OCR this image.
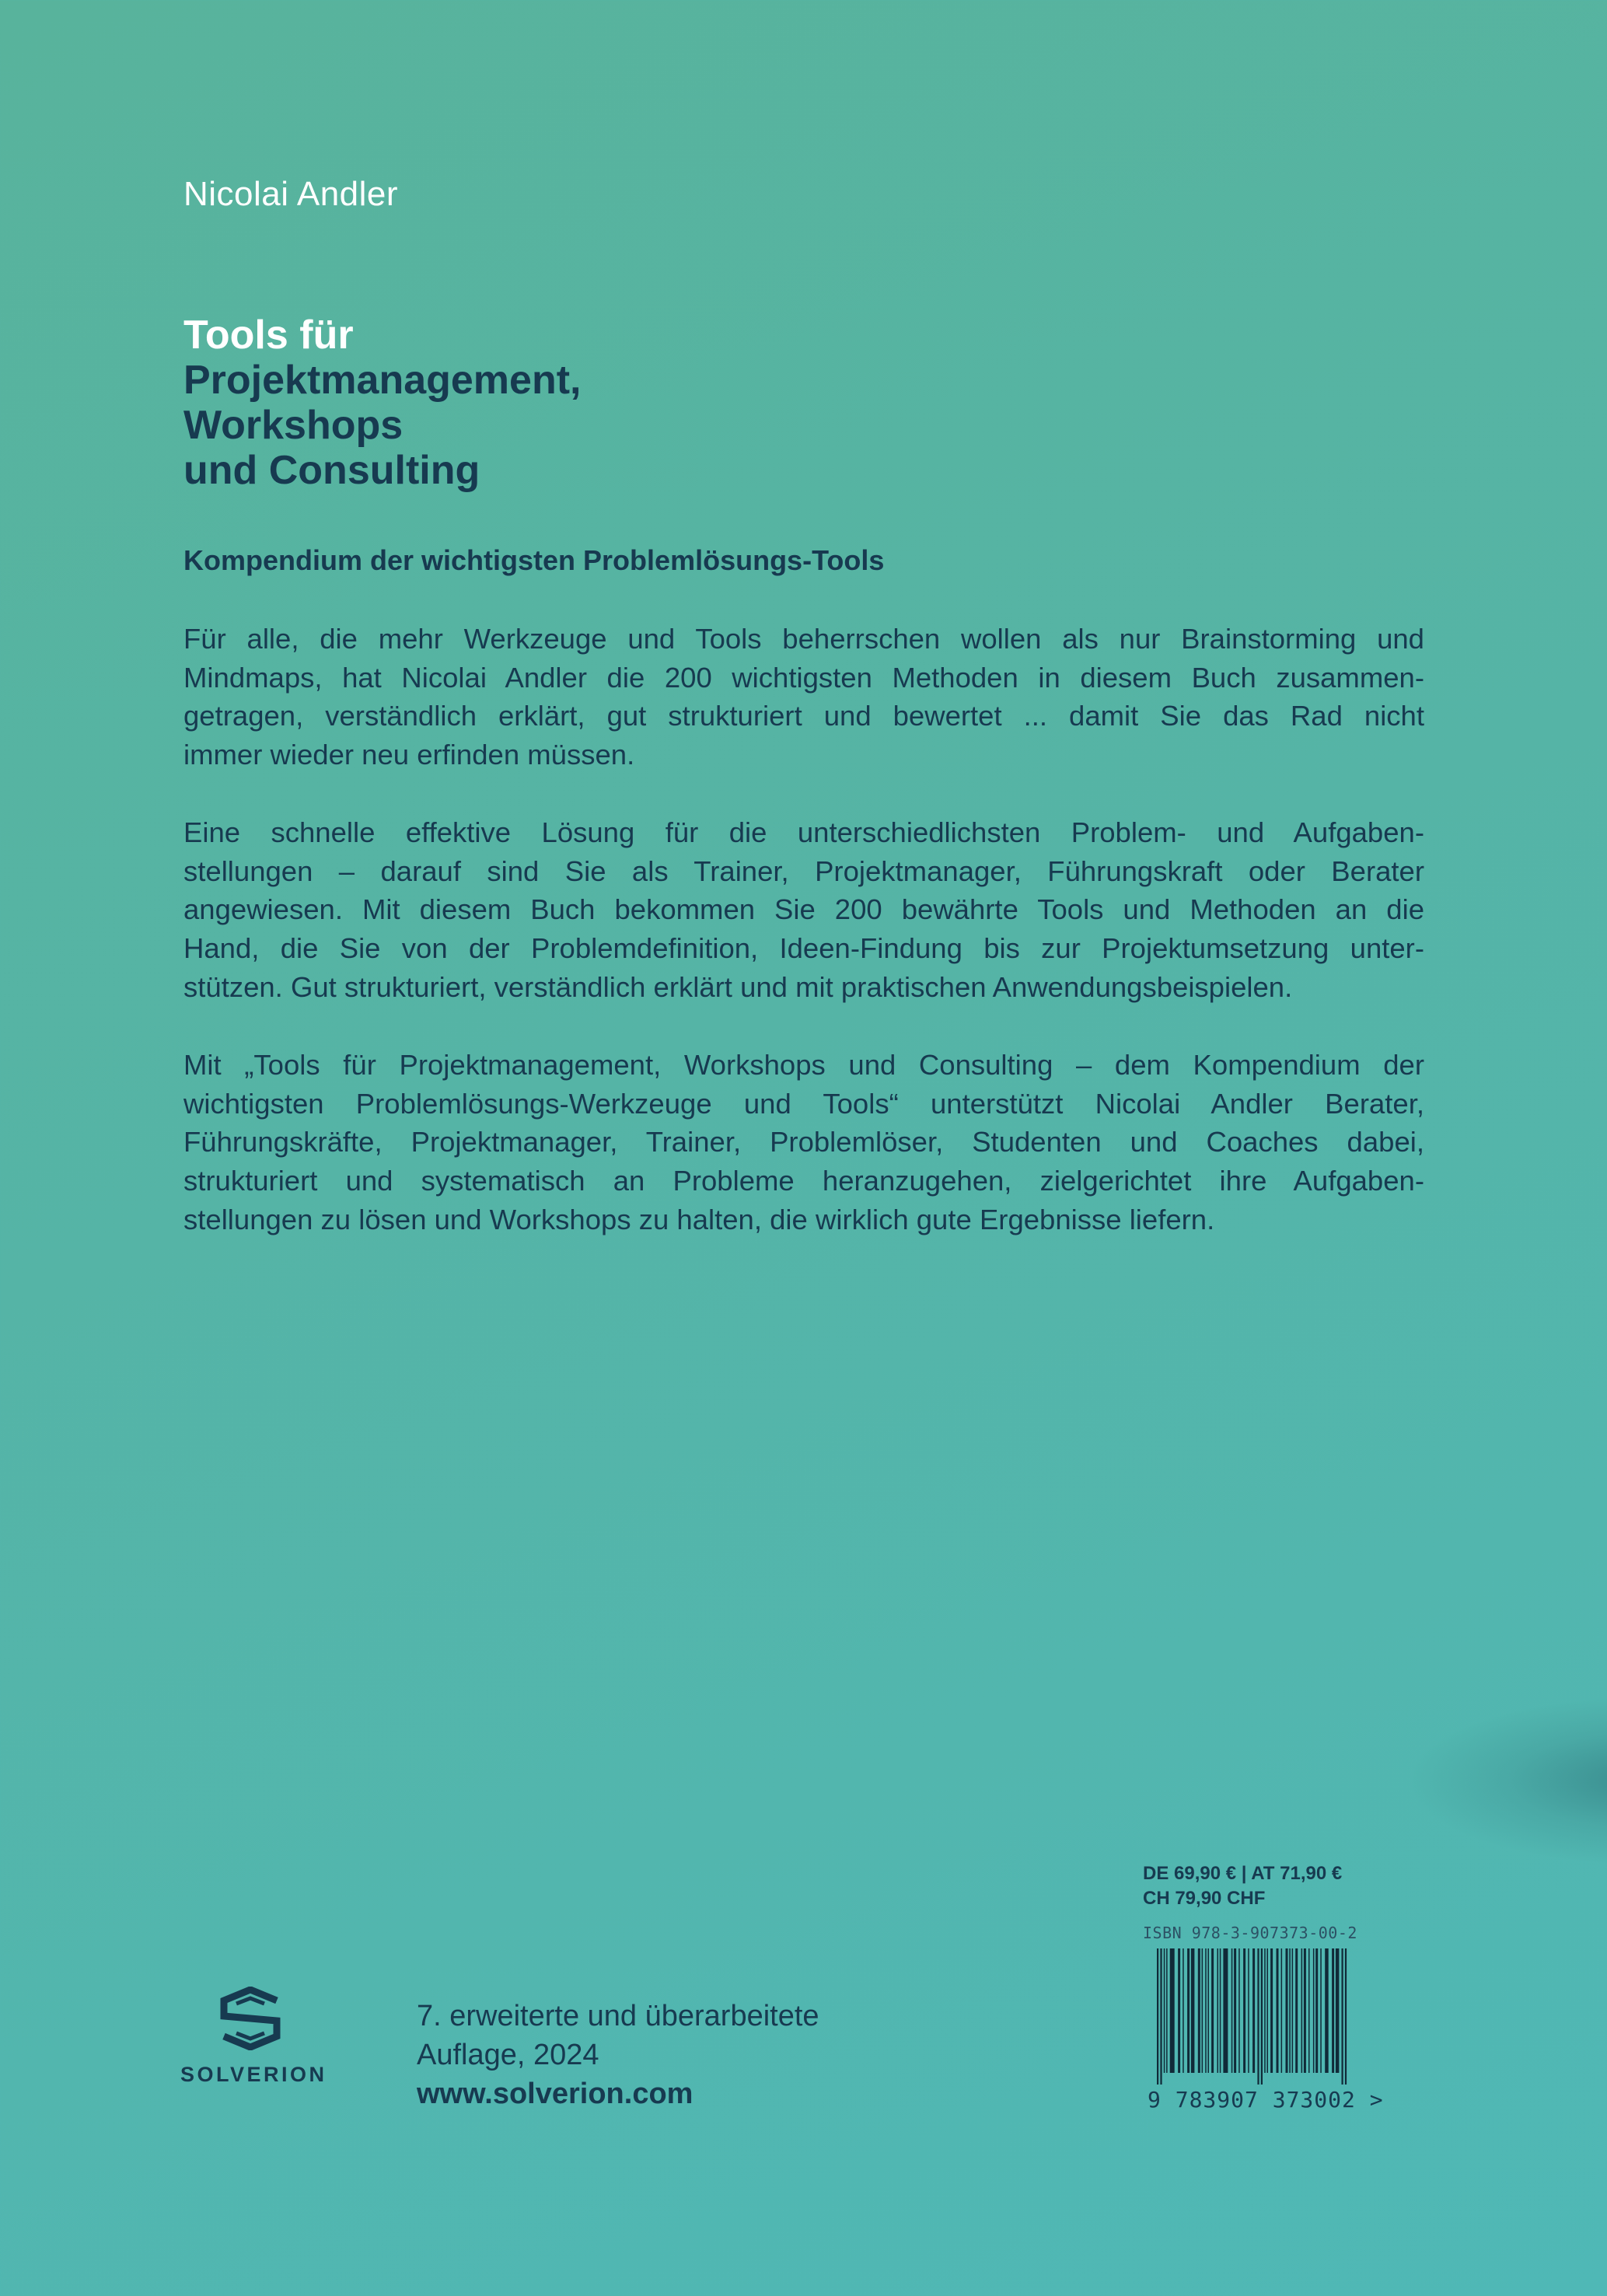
Nicolai Andler
Tools für
Projektmanagement,
Workshops
und Consulting
Kompendium der wichtigsten Problemlösungs-Tools

Für alle, die mehr Werkzeuge und Tools beherrschen wollen als nur Brainstorming und
Mindmaps, hat Nicolai Andler die 200 wichtigsten Methoden in diesem Buch zusammen-
getragen, verständlich erklärt, gut strukturiert und bewertet ... damit Sie das Rad nicht
immer wieder neu erfinden müssen.

Eine schnelle effektive Lösung für die unterschiedlichsten Problem- und Aufgaben-
stellungen – darauf sind Sie als Trainer, Projektmanager, Führungskraft oder Berater
angewiesen. Mit diesem Buch bekommen Sie 200 bewährte Tools und Methoden an die
Hand, die Sie von der Problemdefinition, Ideen-Findung bis zur Projektumsetzung unter-
stützen. Gut strukturiert, verständlich erklärt und mit praktischen Anwendungsbeispielen.

Mit „Tools für Projektmanagement, Workshops und Consulting – dem Kompendium der
wichtigsten Problemlösungs-Werkzeuge und Tools“ unterstützt Nicolai Andler Berater,
Führungskräfte, Projektmanager, Trainer, Problemlöser, Studenten und Coaches dabei,
strukturiert und systematisch an Probleme heranzugehen, zielgerichtet ihre Aufgaben-
stellungen zu lösen und Workshops zu halten, die wirklich gute Ergebnisse liefern.

SOLVERION
7. erweiterte und überarbeitete
Auflage, 2024
www.solverion.com
DE 69,90 € | AT 71,90 €
CH 79,90 CHF
ISBN 978-3-907373-00-2
9 783907 373002 >
